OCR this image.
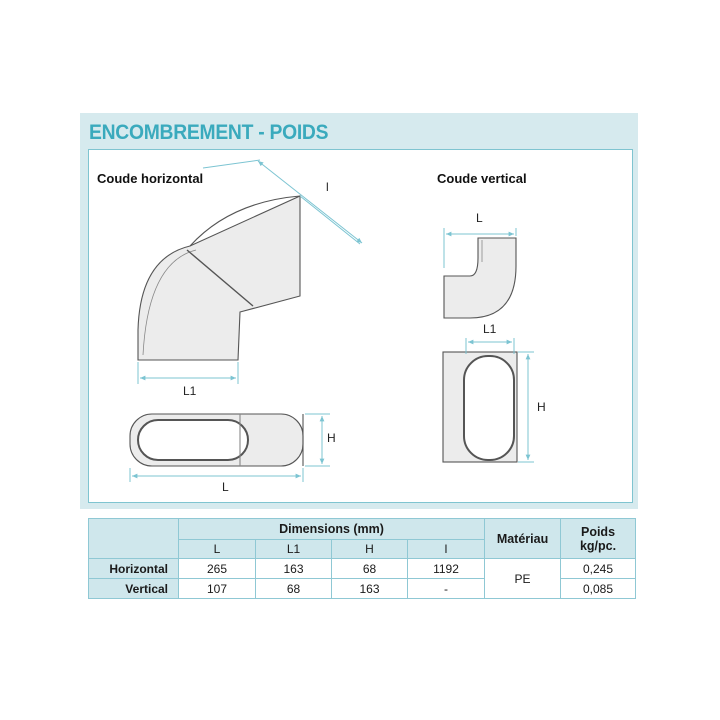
ENCOMBREMENT - POIDS
Coude horizontal	Coude vertical
l
L1
H
L
L
L1
H
	Dimensions (mm)				Matériau	Poids
kg/pc.

	L	L1	H	l		
Horizontal	265	163	68	1192	PE	0,245
Vertical	107	68	163	-		0,085
